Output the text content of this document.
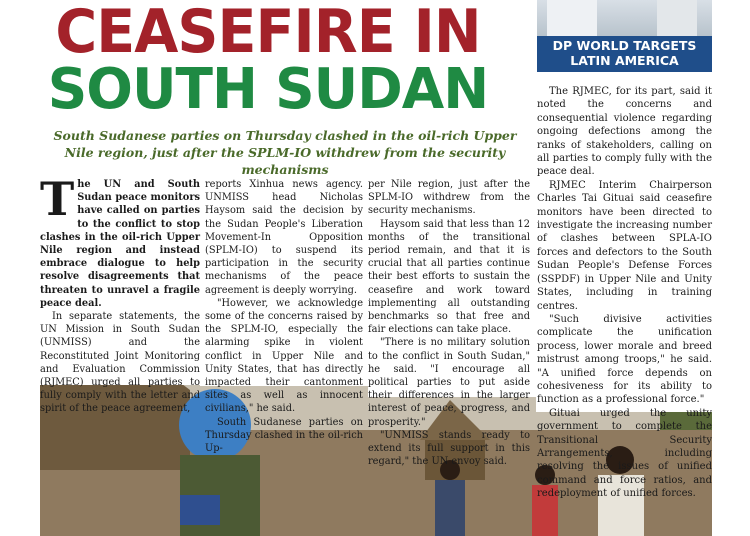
CEASEFIRE IN
SOUTH SUDAN
South Sudanese parties on Thursday clashed in the oil-rich Upper Nile region, just after the SPLM-IO withdrew from the security mechanisms
DP WORLD TARGETS
LATIN AMERICA

The UN and South Sudan peace monitors have called on parties to the conflict to stop clashes in the oil-rich Upper Nile region and instead embrace dialogue to help resolve disagreements that threaten to unravel a fragile peace deal.

In separate statements, the UN Mission in South Sudan (UNMISS) and the Reconstituted Joint Monitoring and Evaluation Commission (RJMEC) urged all parties to fully comply with the letter and spirit of the peace agreement,

reports Xinhua news agency. UNMISS head Nicholas Haysom said the decision by the Sudan People's Liberation Movement-In Opposition (SPLM-IO) to suspend its participation in the security mechanisms of the peace agreement is deeply worrying.

"However, we acknowledge some of the concerns raised by the SPLM-IO, especially the alarming spike in violent conflict in Upper Nile and Unity States, that has directly impacted their cantonment sites as well as innocent civilians," he said.

South Sudanese parties on Thursday clashed in the oil-rich Up-

per Nile region, just after the SPLM-IO withdrew from the security mechanisms.

Haysom said that less than 12 months of the transitional period remain, and that it is crucial that all parties continue their best efforts to sustain the ceasefire and work toward implementing all outstanding benchmarks so that free and fair elections can take place.

"There is no military solution to the conflict in South Sudan," he said. "I encourage all political parties to put aside their differences in the larger interest of peace, progress, and prosperity."

"UNMISS stands ready to extend its full support in this regard," the UN envoy said.

The RJMEC, for its part, said it noted the concerns and consequential violence regarding ongoing defections among the ranks of stakeholders, calling on all parties to comply fully with the peace deal.

RJMEC Interim Chairperson Charles Tai Gituai said ceasefire monitors have been directed to investigate the increasing number of clashes between SPLA-IO forces and defectors to the South Sudan People's Defense Forces (SSPDF) in Upper Nile and Unity States, including in training centres.

"Such divisive activities complicate the unification process, lower morale and breed mistrust among troops," he said. "A unified force depends on cohesiveness for its ability to function as a professional force."

Gituai urged the unity government to complete the Transitional Security Arrangements, including resolving the issues of unified command and force ratios, and redeployment of unified forces.
